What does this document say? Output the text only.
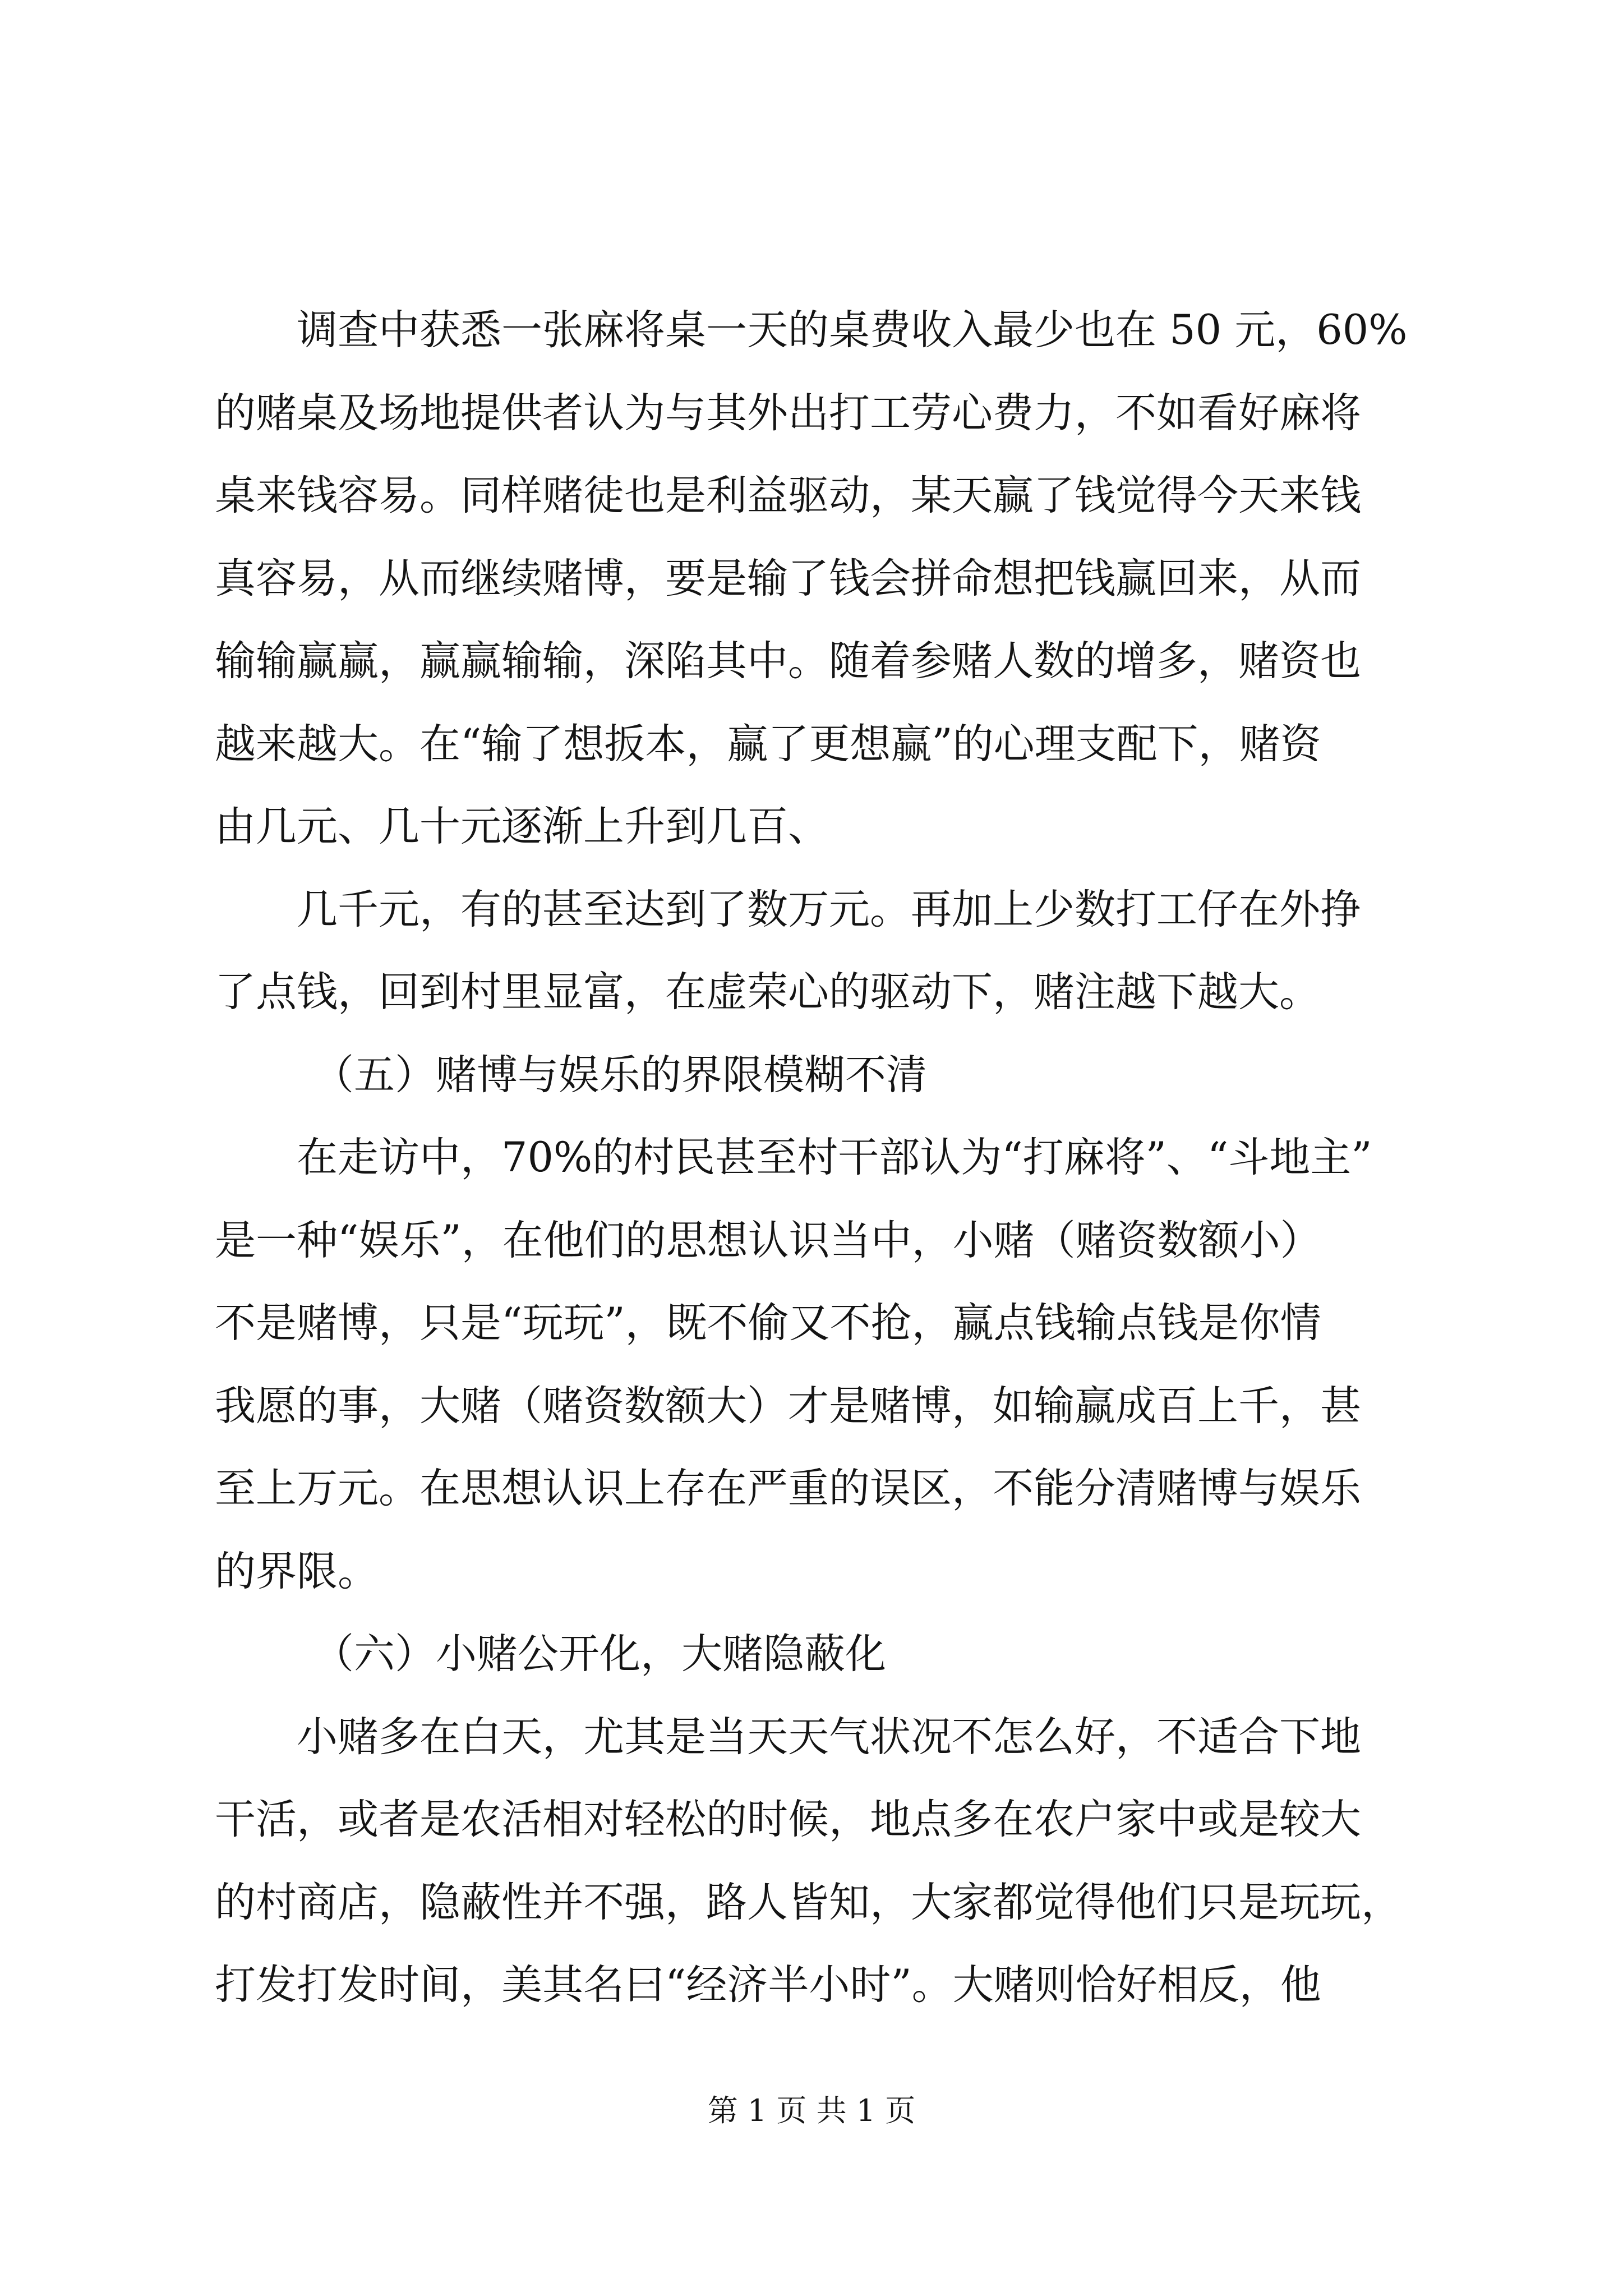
调查中获悉一张麻将桌一天的桌费收入最少也在 50 元，60%
的赌桌及场地提供者认为与其外出打工劳心费力，不如看好麻将
桌来钱容易。同样赌徒也是利益驱动，某天赢了钱觉得今天来钱
真容易，从而继续赌博，要是输了钱会拼命想把钱赢回来，从而
输输赢赢，赢赢输输，深陷其中。随着参赌人数的增多，赌资也
越来越大。在“输了想扳本，赢了更想赢”的心理支配下，赌资
由几元、几十元逐渐上升到几百、
几千元，有的甚至达到了数万元。再加上少数打工仔在外挣
了点钱，回到村里显富，在虚荣心的驱动下，赌注越下越大。
（五）赌博与娱乐的界限模糊不清
在走访中，70%的村民甚至村干部认为“打麻将”、“斗地主”
是一种“娱乐”，在他们的思想认识当中，小赌（赌资数额小）
不是赌博，只是“玩玩”，既不偷又不抢，赢点钱输点钱是你情
我愿的事，大赌（赌资数额大）才是赌博，如输赢成百上千，甚
至上万元。在思想认识上存在严重的误区，不能分清赌博与娱乐
的界限。
（六）小赌公开化，大赌隐蔽化
小赌多在白天，尤其是当天天气状况不怎么好，不适合下地
干活，或者是农活相对轻松的时候，地点多在农户家中或是较大
的村商店，隐蔽性并不强，路人皆知，大家都觉得他们只是玩玩，
打发打发时间，美其名曰“经济半小时”。大赌则恰好相反，他
第 1 页 共 1 页
